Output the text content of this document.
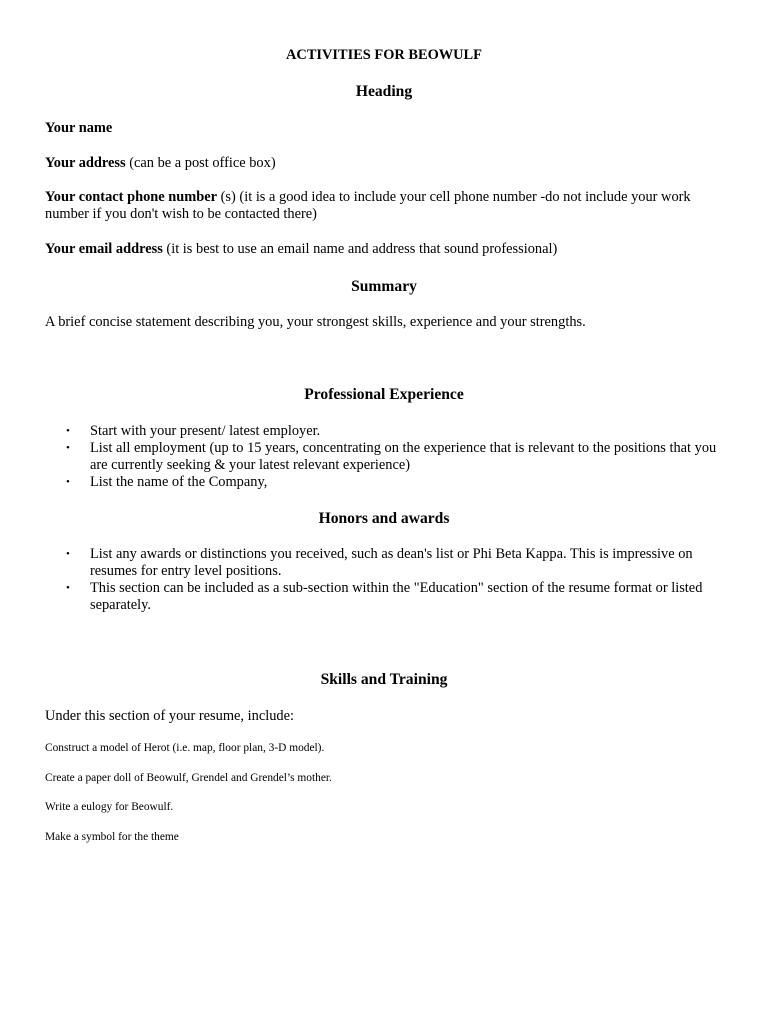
ACTIVITIES FOR BEOWULF

Heading

Your name

Your address (can be a post office box)

Your contact phone number (s) (it is a good idea to include your cell phone number -do not include your work number if you don't wish to be contacted there)

Your email address (it is best to use an email name and address that sound professional)

Summary

A brief concise statement describing you, your strongest skills, experience and your strengths.

Professional Experience

• Start with your present/ latest employer.
• List all employment (up to 15 years, concentrating on the experience that is relevant to the positions that you are currently seeking & your latest relevant experience)
• List the name of the Company,

Honors and awards

• List any awards or distinctions you received, such as dean's list or Phi Beta Kappa. This is impressive on resumes for entry level positions.
• This section can be included as a sub-section within the "Education" section of the resume format or listed separately.

Skills and Training

Under this section of your resume, include:

Construct a model of Herot (i.e. map, floor plan, 3-D model).

Create a paper doll of Beowulf, Grendel and Grendel’s mother.

Write a eulogy for Beowulf.

Make a symbol for the theme
